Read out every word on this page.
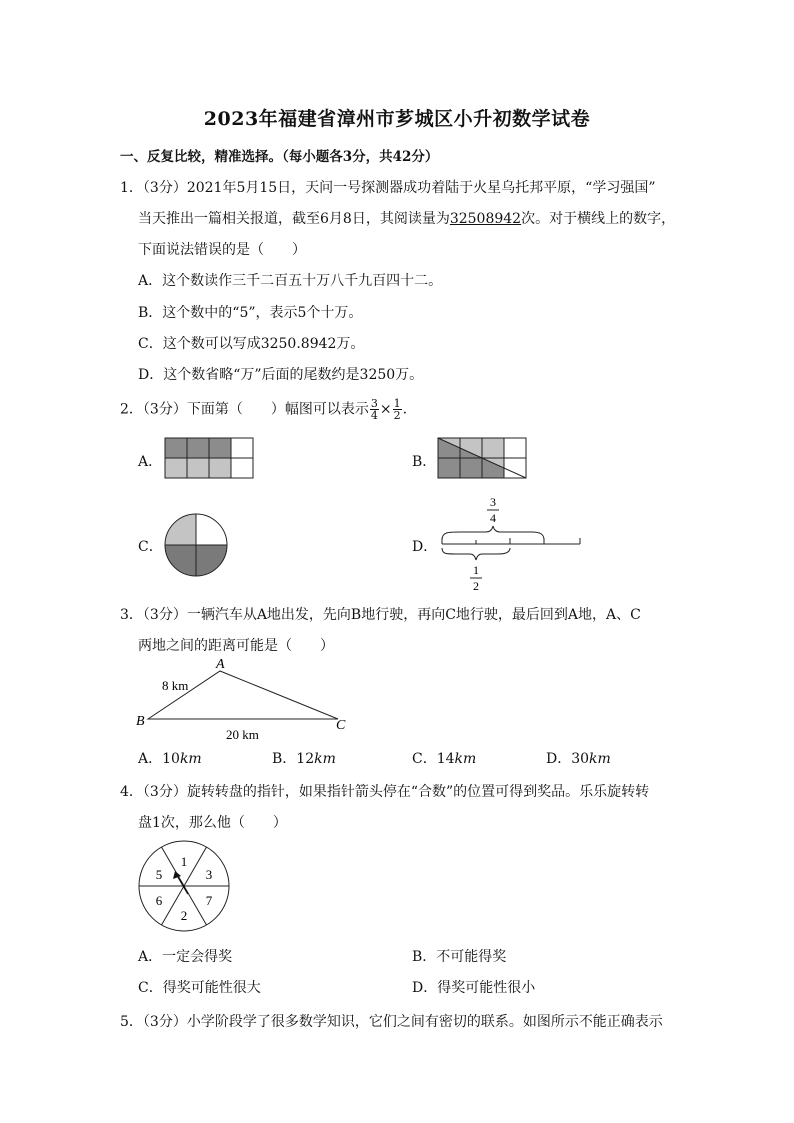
2023年福建省漳州市芗城区小升初数学试卷
一、反复比较，精准选择。（每小题各3分，共42分）
1．（3分）2021年5月15日，天问一号探测器成功着陆于火星乌托邦平原，“学习强国”
当天推出一篇相关报道，截至6月8日，其阅读量为32508942次。对于横线上的数字，
下面说法错误的是（　　）
A．这个数读作三千二百五十万八千九百四十二。
B．这个数中的“5”，表示5个十万。
C．这个数可以写成3250.8942万。
D．这个数省略“万”后面的尾数约是3250万。
2．（3分）下面第（　　）幅图可以表示 $\frac{3}{4} \times \frac{1}{2}$ .
A．	B．
C．	D．
3
4
1
2
3．（3分）一辆汽车从A地出发，先向B地行驶，再向C地行驶，最后回到A地，A、C
两地之间的距离可能是（　　）
A
B	C
8 km
20 km
A．10km	B．12km	C．14km	D．30km
4．（3分）旋转转盘的指针，如果指针箭头停在“合数”的位置可得到奖品。乐乐旋转转
盘1次，那么他（　　）
1
3
7
2
6
5
A．一定会得奖	B．不可能得奖
C．得奖可能性很大	D．得奖可能性很小
5．（3分）小学阶段学了很多数学知识，它们之间有密切的联系。如图所示不能正确表示
